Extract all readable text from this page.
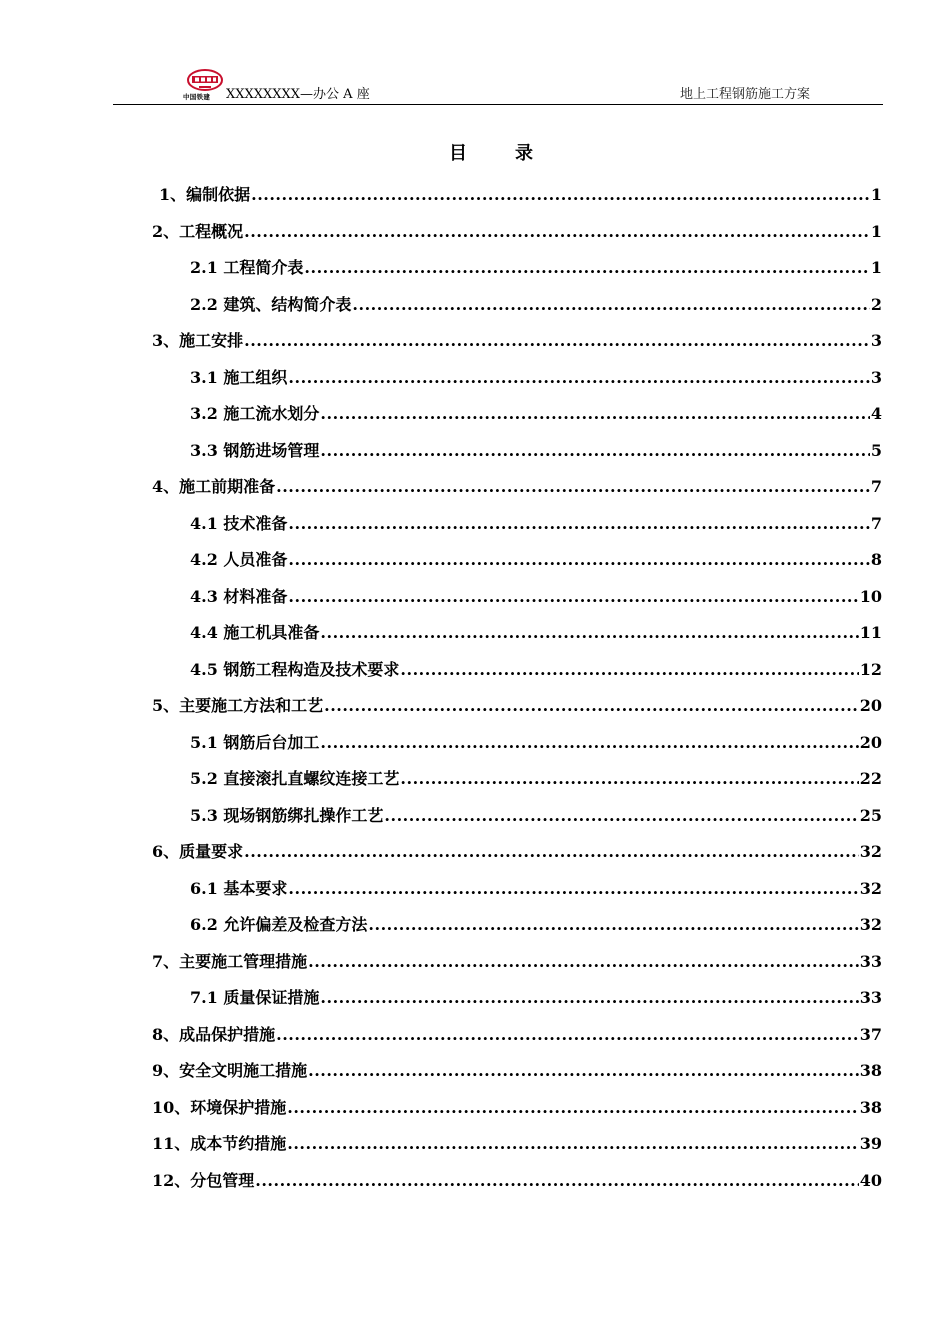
中国铁建	XXXXXXXX—办公 A 座	地上工程钢筋施工方案
目录
1、编制依据 .....	1
2、工程概况 .....	1
2.1 工程简介表 .....	1
2.2 建筑、结构简介表 .....	2
3、施工安排 .....	3
3.1 施工组织 .....	3
3.2 施工流水划分 .....	4
3.3 钢筋进场管理 .....	5
4、施工前期准备 .....	7
4.1 技术准备 .....	7
4.2 人员准备 .....	8
4.3 材料准备 .....	10
4.4 施工机具准备 .....	11
4.5 钢筋工程构造及技术要求 .....	12
5、主要施工方法和工艺 .....	20
5.1 钢筋后台加工 .....	20
5.2 直接滚扎直螺纹连接工艺 .....	22
5.3 现场钢筋绑扎操作工艺 .....	25
6、质量要求 .....	32
6.1 基本要求 .....	32
6.2 允许偏差及检查方法 .....	32
7、主要施工管理措施 .....	33
7.1 质量保证措施 .....	33
8、成品保护措施 .....	37
9、安全文明施工措施 .....	38
10、环境保护措施 .....	38
11、成本节约措施 .....	39
12、分包管理 .....	40
